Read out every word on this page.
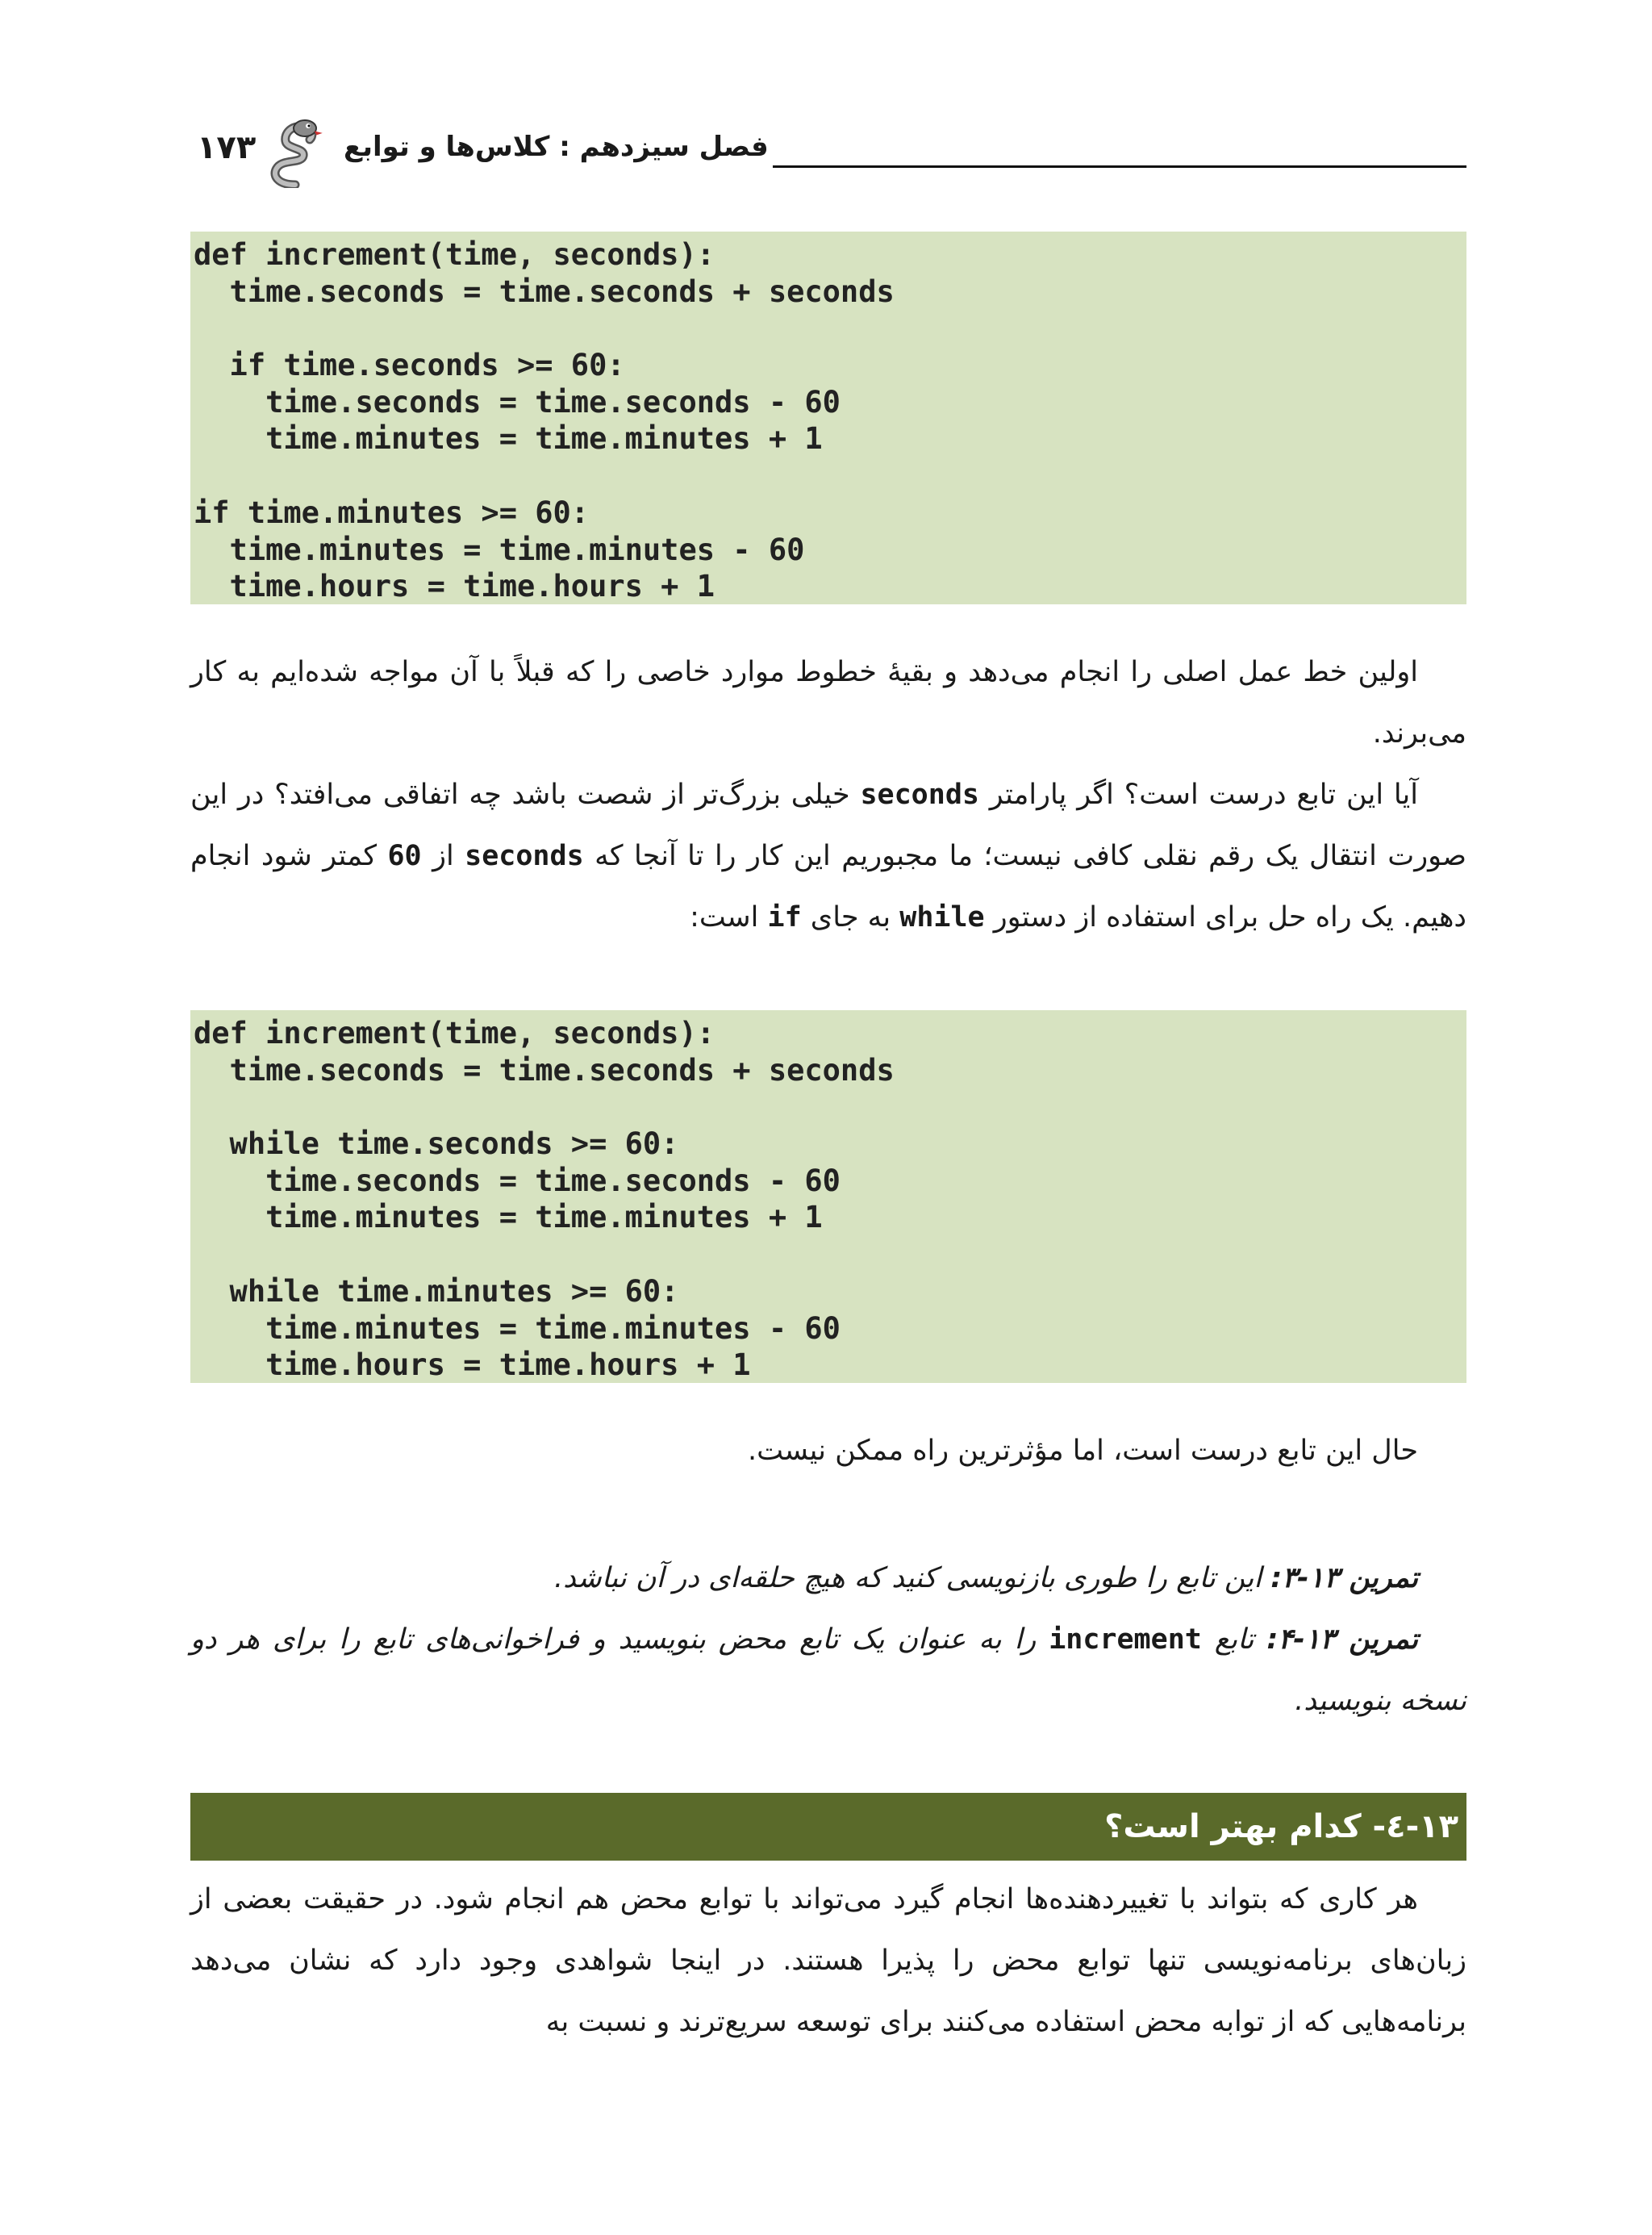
۱۷۳	فصل سیزدهم : کلاس‌ها و توابع
def increment(time, seconds):
time.seconds = time.seconds + seconds
if time.seconds >= 60:
time.seconds = time.seconds - 60
time.minutes = time.minutes + 1
if time.minutes >= 60:
time.minutes = time.minutes - 60
time.hours = time.hours + 1
اولین خط عمل اصلی را انجام می‌دهد و بقیهٔ خطوط موارد خاصی را که قبلاً با آن مواجه شده‌ایم به کار می‌برند.
آیا این تابع درست است؟ اگر پارامتر seconds خیلی بزرگ‌تر از شصت باشد چه اتفاقی می‌افتد؟ در این صورت انتقال یک رقم نقلی کافی نیست؛ ما مجبوریم این کار را تا آنجا که seconds از 60 کمتر شود انجام دهیم. یک راه حل برای استفاده از دستور while به جای if است:
def increment(time, seconds):
time.seconds = time.seconds + seconds
while time.seconds >= 60:
time.seconds = time.seconds - 60
time.minutes = time.minutes + 1
while time.minutes >= 60:
time.minutes = time.minutes - 60
time.hours = time.hours + 1
حال این تابع درست است، اما مؤثرترین راه ممکن نیست.
تمرین ۱۳-۳: این تابع را طوری بازنویسی کنید که هیچ حلقه‌ای در آن نباشد.
تمرین ۱۳-۴: تابع increment را به عنوان یک تابع محض بنویسید و فراخوانی‌های تابع را برای هر دو نسخه بنویسید.
۱۳-٤- کدام بهتر است؟
هر کاری که بتواند با تغییردهنده‌ها انجام گیرد می‌تواند با توابع محض هم انجام شود. در حقیقت بعضی از زبان‌های برنامه‌نویسی تنها توابع محض را پذیرا هستند. در اینجا شواهدی وجود دارد که نشان می‌دهد برنامه‌هایی که از توابه محض استفاده می‌کنند برای توسعه سریع‌ترند و نسبت به
